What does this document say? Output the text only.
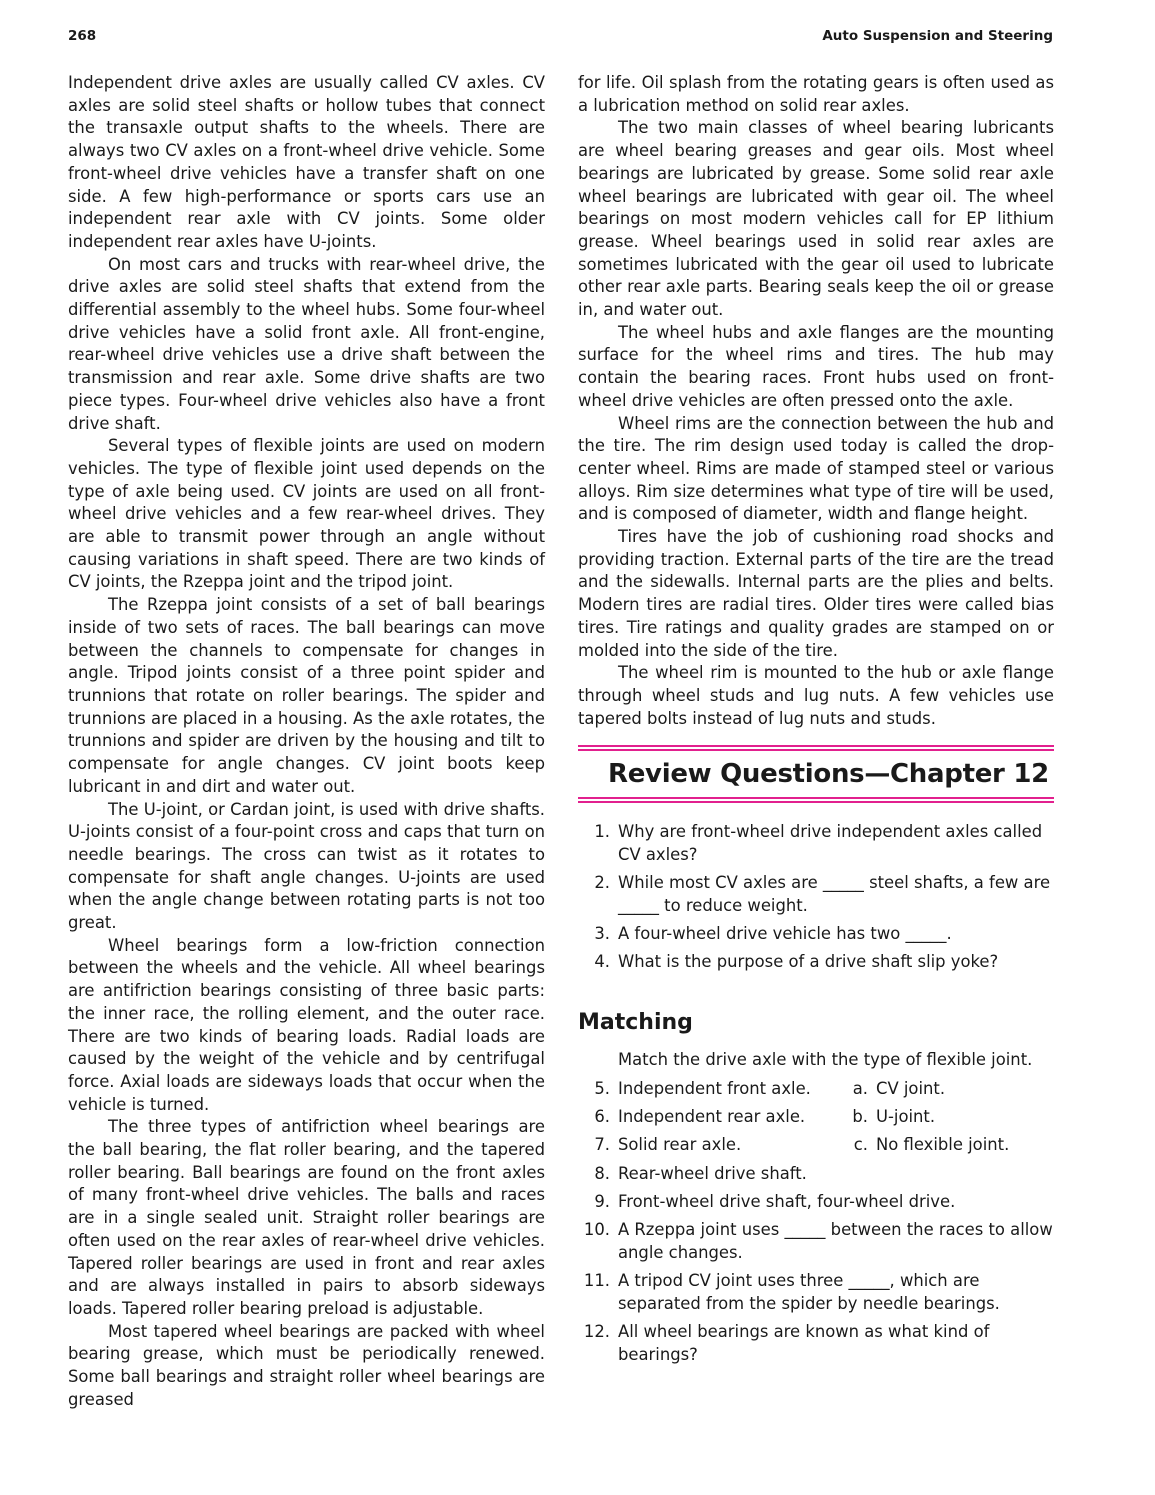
268	Auto Suspension and Steering

Independent drive axles are usually called CV axles. CV axles are solid steel shafts or hollow tubes that connect the transaxle output shafts to the wheels. There are always two CV axles on a front-wheel drive vehicle. Some front-wheel drive vehicles have a transfer shaft on one side. A few high-performance or sports cars use an independent rear axle with CV joints. Some older independent rear axles have U-joints.

On most cars and trucks with rear-wheel drive, the drive axles are solid steel shafts that extend from the differential assembly to the wheel hubs. Some four-wheel drive vehicles have a solid front axle. All front-engine, rear-wheel drive vehicles use a drive shaft between the transmission and rear axle. Some drive shafts are two piece types. Four-wheel drive vehicles also have a front drive shaft.

Several types of flexible joints are used on modern vehicles. The type of flexible joint used depends on the type of axle being used. CV joints are used on all front-wheel drive vehicles and a few rear-wheel drives. They are able to transmit power through an angle without causing variations in shaft speed. There are two kinds of CV joints, the Rzeppa joint and the tripod joint.

The Rzeppa joint consists of a set of ball bearings inside of two sets of races. The ball bearings can move between the channels to compensate for changes in angle. Tripod joints consist of a three point spider and trunnions that rotate on roller bearings. The spider and trunnions are placed in a housing. As the axle rotates, the trunnions and spider are driven by the housing and tilt to compensate for angle changes. CV joint boots keep lubricant in and dirt and water out.

The U-joint, or Cardan joint, is used with drive shafts. U-joints consist of a four-point cross and caps that turn on needle bearings. The cross can twist as it rotates to compensate for shaft angle changes. U-joints are used when the angle change between rotating parts is not too great.

Wheel bearings form a low-friction connection between the wheels and the vehicle. All wheel bearings are antifriction bearings consisting of three basic parts: the inner race, the rolling element, and the outer race. There are two kinds of bearing loads. Radial loads are caused by the weight of the vehicle and by centrifugal force. Axial loads are sideways loads that occur when the vehicle is turned.

The three types of antifriction wheel bearings are the ball bearing, the flat roller bearing, and the tapered roller bearing. Ball bearings are found on the front axles of many front-wheel drive vehicles. The balls and races are in a single sealed unit. Straight roller bearings are often used on the rear axles of rear-wheel drive vehicles. Tapered roller bearings are used in front and rear axles and are always installed in pairs to absorb sideways loads. Tapered roller bearing preload is adjustable.

Most tapered wheel bearings are packed with wheel bearing grease, which must be periodically renewed. Some ball bearings and straight roller wheel bearings are greased

for life. Oil splash from the rotating gears is often used as a lubrication method on solid rear axles.

The two main classes of wheel bearing lubricants are wheel bearing greases and gear oils. Most wheel bearings are lubricated by grease. Some solid rear axle wheel bearings are lubricated with gear oil. The wheel bearings on most modern vehicles call for EP lithium grease. Wheel bearings used in solid rear axles are sometimes lubricated with the gear oil used to lubricate other rear axle parts. Bearing seals keep the oil or grease in, and water out.

The wheel hubs and axle flanges are the mounting surface for the wheel rims and tires. The hub may contain the bearing races. Front hubs used on front-wheel drive vehicles are often pressed onto the axle.

Wheel rims are the connection between the hub and the tire. The rim design used today is called the drop-center wheel. Rims are made of stamped steel or various alloys. Rim size determines what type of tire will be used, and is composed of diameter, width and flange height.

Tires have the job of cushioning road shocks and providing traction. External parts of the tire are the tread and the sidewalls. Internal parts are the plies and belts. Modern tires are radial tires. Older tires were called bias tires. Tire ratings and quality grades are stamped on or molded into the side of the tire.

The wheel rim is mounted to the hub or axle flange through wheel studs and lug nuts. A few vehicles use tapered bolts instead of lug nuts and studs.

Review Questions—Chapter 12
1. Why are front-wheel drive independent axles called CV axles?
2. While most CV axles are _____ steel shafts, a few are _____ to reduce weight.
3. A four-wheel drive vehicle has two _____.
4. What is the purpose of a drive shaft slip yoke?
Matching
Match the drive axle with the type of flexible joint.
5. Independent front axle.	a. CV joint.
6. Independent rear axle.	b. U-joint.
7. Solid rear axle.	c. No flexible joint.
8. Rear-wheel drive shaft.
9. Front-wheel drive shaft, four-wheel drive.
10. A Rzeppa joint uses _____ between the races to allow angle changes.
11. A tripod CV joint uses three _____, which are separated from the spider by needle bearings.
12. All wheel bearings are known as what kind of bearings?
